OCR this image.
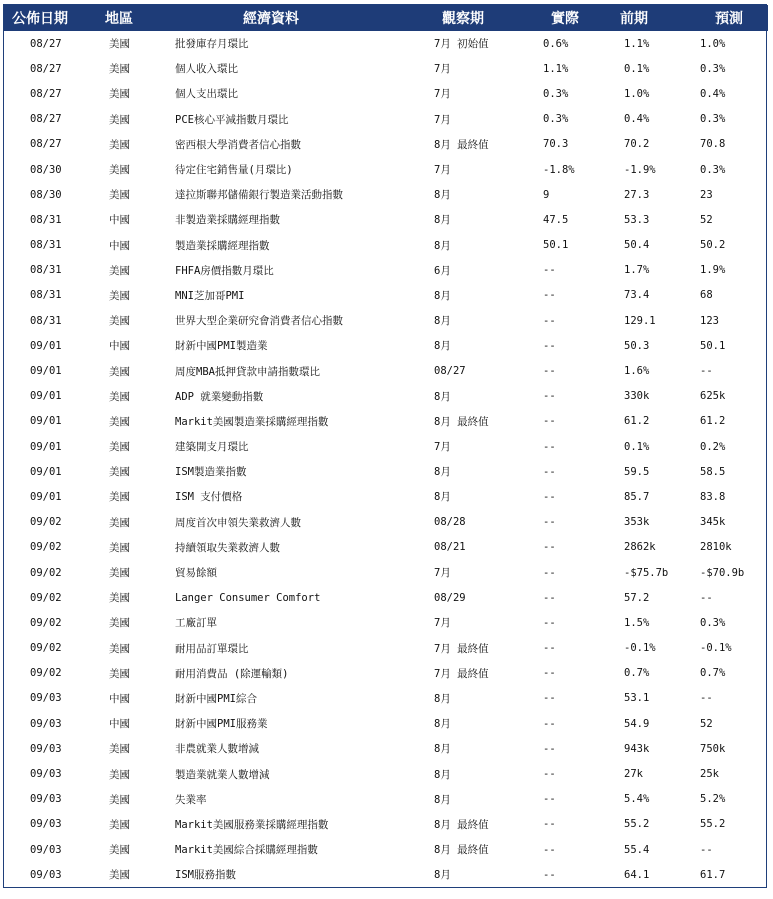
公佈日期	地區	經濟資料	觀察期	實際	前期	預測
08/27	美國	批發庫存月環比	7月 初始值	0.6%	1.1%	1.0%
08/27	美國	個人收入環比	7月	1.1%	0.1%	0.3%
08/27	美國	個人支出環比	7月	0.3%	1.0%	0.4%
08/27	美國	PCE核心平減指數月環比	7月	0.3%	0.4%	0.3%
08/27	美國	密西根大學消費者信心指數	8月 最終值	70.3	70.2	70.8
08/30	美國	待定住宅銷售量(月環比)	7月	-1.8%	-1.9%	0.3%
08/30	美國	達拉斯聯邦儲備銀行製造業活動指數	8月	9	27.3	23
08/31	中國	非製造業採購經理指數	8月	47.5	53.3	52
08/31	中國	製造業採購經理指數	8月	50.1	50.4	50.2
08/31	美國	FHFA房價指數月環比	6月	--	1.7%	1.9%
08/31	美國	MNI芝加哥PMI	8月	--	73.4	68
08/31	美國	世界大型企業研究會消費者信心指數	8月	--	129.1	123
09/01	中國	財新中國PMI製造業	8月	--	50.3	50.1
09/01	美國	周度MBA抵押貸款申請指數環比	08/27	--	1.6%	--
09/01	美國	ADP 就業變動指數	8月	--	330k	625k
09/01	美國	Markit美國製造業採購經理指數	8月 最終值	--	61.2	61.2
09/01	美國	建築開支月環比	7月	--	0.1%	0.2%
09/01	美國	ISM製造業指數	8月	--	59.5	58.5
09/01	美國	ISM 支付價格	8月	--	85.7	83.8
09/02	美國	周度首次申領失業救濟人數	08/28	--	353k	345k
09/02	美國	持續領取失業救濟人數	08/21	--	2862k	2810k
09/02	美國	貿易餘額	7月	--	-$75.7b	-$70.9b
09/02	美國	Langer Consumer Comfort	08/29	--	57.2	--
09/02	美國	工廠訂單	7月	--	1.5%	0.3%
09/02	美國	耐用品訂單環比	7月 最終值	--	-0.1%	-0.1%
09/02	美國	耐用消費品 (除運輸類)	7月 最終值	--	0.7%	0.7%
09/03	中國	財新中國PMI綜合	8月	--	53.1	--
09/03	中國	財新中國PMI服務業	8月	--	54.9	52
09/03	美國	非農就業人數增減	8月	--	943k	750k
09/03	美國	製造業就業人數增減	8月	--	27k	25k
09/03	美國	失業率	8月	--	5.4%	5.2%
09/03	美國	Markit美國服務業採購經理指數	8月 最終值	--	55.2	55.2
09/03	美國	Markit美國綜合採購經理指數	8月 最終值	--	55.4	--
09/03	美國	ISM服務指數	8月	--	64.1	61.7
